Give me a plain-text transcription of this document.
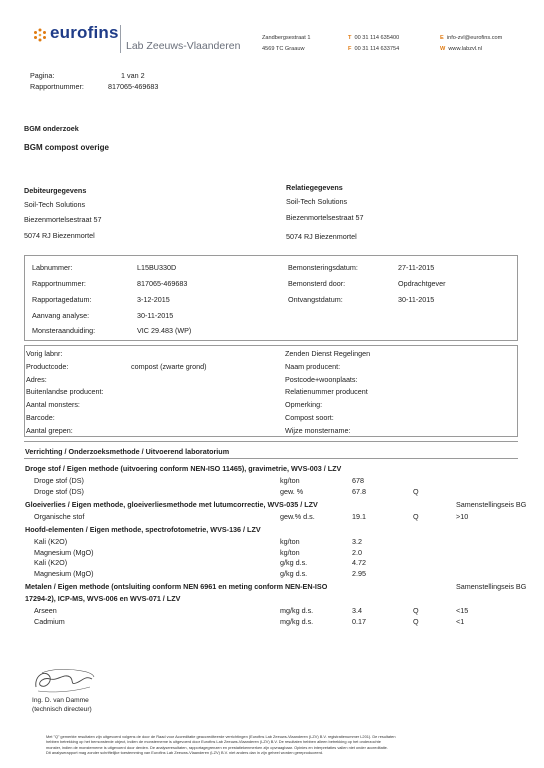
eurofins
Lab Zeeuws-Vlaanderen
Zandbergsestraat 1
4569 TC Graauw
T 00 31 114 635400
F 00 31 114 633754
E info-zvl@eurofins.com
W www.labzvl.nl
Pagina:	1 van 2
Rapportnummer:	817065-469683
BGM onderzoek
BGM compost overige
Debiteurgegevens
Soil-Tech Solutions
Biezenmortelsestraat 57
5074 RJ Biezenmortel
Relatiegegevens
Soil-Tech Solutions
Biezenmortelsestraat 57
5074 RJ Biezenmortel
Labnummer:	L15BU330D
Rapportnummer:	817065-469683
Rapportagedatum:	3-12-2015
Aanvang analyse:	30-11-2015
Monsteraanduiding:	VIC 29.483 (WP)
Bemonsteringsdatum:	27-11-2015
Bemonsterd door:	Opdrachtgever
Ontvangstdatum:	30-11-2015
Vorig labnr:
Productcode:	compost (zwarte grond)
Adres:
Buitenlandse producent:
Aantal monsters:
Barcode:
Aantal grepen:
Zenden Dienst Regelingen
Naam producent:
Postcode+woonplaats:
Relatienummer producent
Opmerking:
Compost soort:
Wijze monstername:
Verrichting / Onderzoeksmethode / Uitvoerend laboratorium
Droge stof / Eigen methode (uitvoering conform NEN-ISO 11465), gravimetrie, WVS-003 / LZV
Droge stof (DS)	kg/ton	678
Droge stof (DS)	gew. %	67.8	Q
Gloeiverlies / Eigen methode, gloeiverliesmethode met lutumcorrectie, WVS-035 / LZV	Samenstellingseis BG
Organische stof	gew.% d.s.	19.1	Q	>10
Hoofd-elementen / Eigen methode, spectrofotometrie, WVS-136 / LZV
Kali (K2O)	kg/ton	3.2
Magnesium (MgO)	kg/ton	2.0
Kali (K2O)	g/kg d.s.	4.72
Magnesium (MgO)	g/kg d.s.	2.95
Metalen / Eigen methode (ontsluiting conform NEN 6961 en meting conform NEN-EN-ISO	Samenstellingseis BG
17294-2), ICP-MS, WVS-006 en WVS-071 / LZV
Arseen	mg/kg d.s.	3.4	Q	<15
Cadmium	mg/kg d.s.	0.17	Q	<1
Ing. D. van Damme
(technisch directeur)
Met "Q" gemerkte resultaten zijn uitgevoerd volgens de door de Raad voor Accreditatie geaccrediteerde verrichtingen (Eurofins Lab Zeeuws-Vlaanderen (LZV) B.V. registratienummer L201). De resultaten
hebben betrekking op het bemonsterde object, indien de monsterneme is uitgevoerd door Eurofins Lab Zeeuws-Vlaanderen (LZV) B.V. De resultaten hebben alleen betrekking op het onderzochte
monster, indien de monsterneme is uitgevoerd door derden. De analyseresultaten, rapportagegrenzen en prestatiekenmerken zijn opvraagbaar. Opinies en interpretaties vallen niet onder accreditatie.
Dit analyserapport mag zonder schriftelijke toestemming van Eurofins Lab Zeeuws-Vlaanderen (LZV) B.V. niet anders dan in zijn geheel worden gereproduceerd.
